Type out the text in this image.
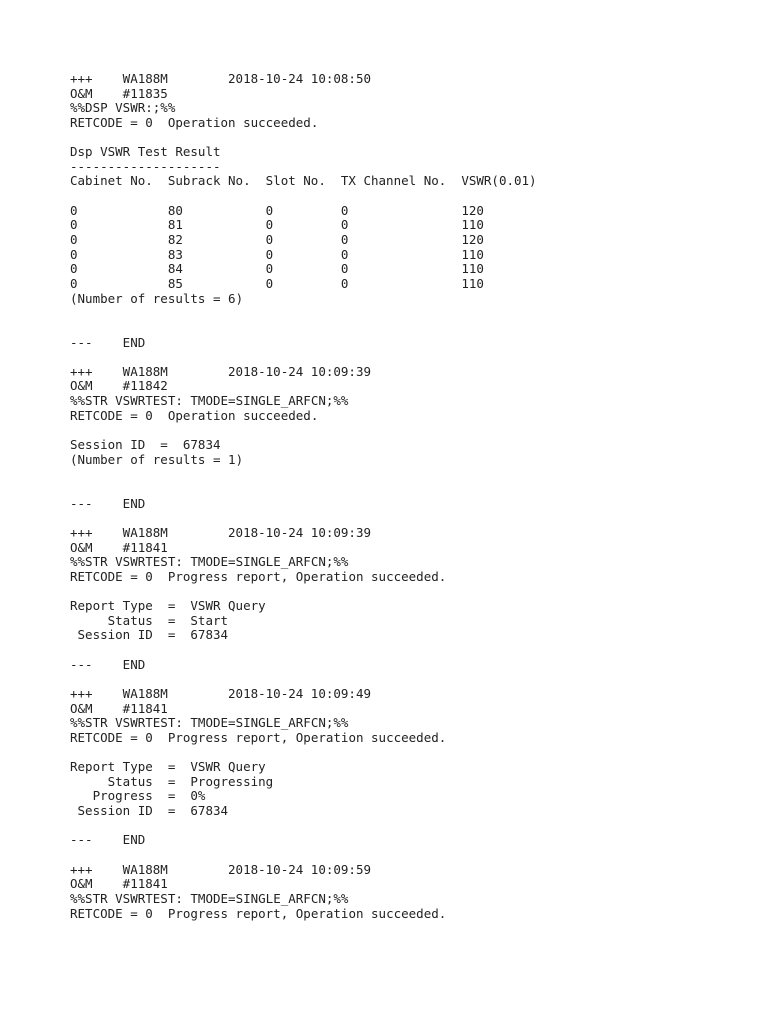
+++	WA188M	2018-10-24 10:08:50
O&M	#11835
%%DSP VSWR:;%%
RETCODE = 0	Operation succeeded.
Dsp VSWR Test Result
--------------------
Cabinet No.	Subrack No.	Slot No.	TX Channel No.	VSWR(0.01)
0	80	0	0	120
0	81	0	0	110
0	82	0	0	120
0	83	0	0	110
0	84	0	0	110
0	85	0	0	110
(Number of results = 6)
---	END
+++	WA188M	2018-10-24 10:09:39
O&M	#11842
%%STR VSWRTEST: TMODE=SINGLE_ARFCN;%%
RETCODE = 0	Operation succeeded.
Session ID	=	67834
(Number of results = 1)
---	END
+++	WA188M	2018-10-24 10:09:39
O&M	#11841
%%STR VSWRTEST: TMODE=SINGLE_ARFCN;%%
RETCODE = 0	Progress report, Operation succeeded.
Report Type	=	VSWR Query
Status	=	Start
Session ID	=	67834
---	END
+++	WA188M	2018-10-24 10:09:49
O&M	#11841
%%STR VSWRTEST: TMODE=SINGLE_ARFCN;%%
RETCODE = 0	Progress report, Operation succeeded.
Report Type	=	VSWR Query
Status	=	Progressing
Progress	=	0%
Session ID	=	67834
---	END
+++	WA188M	2018-10-24 10:09:59
O&M	#11841
%%STR VSWRTEST: TMODE=SINGLE_ARFCN;%%
RETCODE = 0	Progress report, Operation succeeded.
